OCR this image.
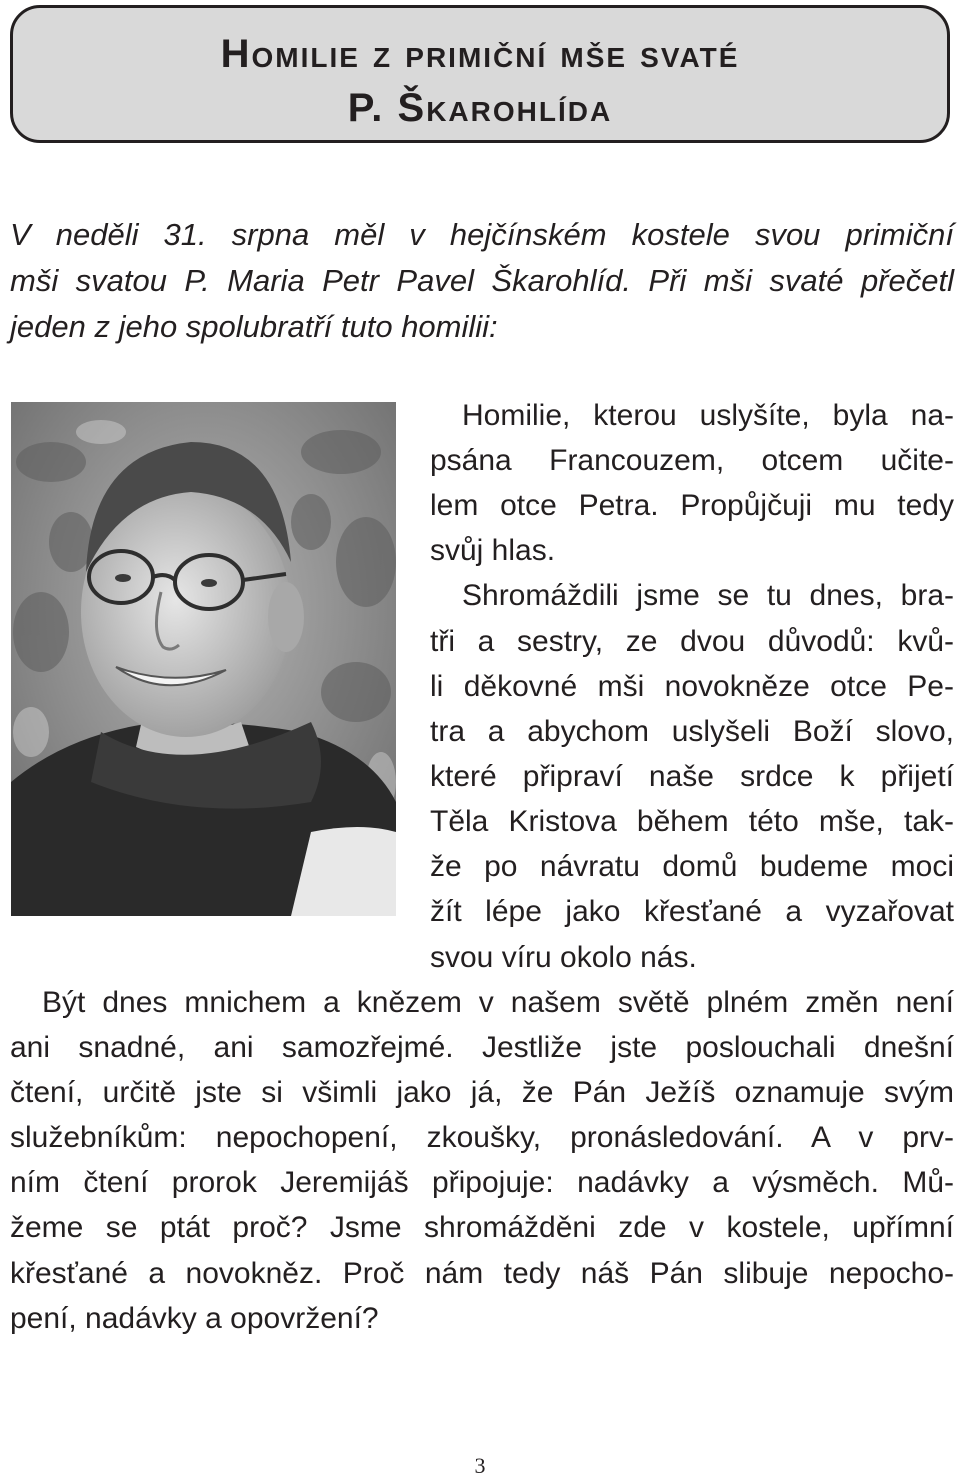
Homilie z primiční mše svaté
P. Škarohlída
V neděli 31. srpna měl v hejčínském kostele svou primiční
mši svatou P. Maria Petr Pavel Škarohlíd. Při mši svaté přečetl
jeden z jeho spolubratří tuto homilii:
Homilie, kterou uslyšíte, byla na-
psána Francouzem, otcem učite-
lem otce Petra. Propůjčuji mu tedy
svůj hlas.
Shromáždili jsme se tu dnes, bra-
tři a sestry, ze dvou důvodů: kvů-
li děkovné mši novokněze otce Pe-
tra a abychom uslyšeli Boží slovo,
které připraví naše srdce k přijetí
Těla Kristova během této mše, tak-
že po návratu domů budeme moci
žít lépe jako křesťané a vyzařovat
svou víru okolo nás.
Být dnes mnichem a knězem v našem světě plném změn není
ani snadné, ani samozřejmé. Jestliže jste poslouchali dnešní
čtení, určitě jste si všimli jako já, že Pán Ježíš oznamuje svým
služebníkům: nepochopení, zkoušky, pronásledování. A v prv-
ním čtení prorok Jeremijáš připojuje: nadávky a výsměch. Mů-
žeme se ptát proč? Jsme shromážděni zde v kostele, upřímní
křesťané a novokněz. Proč nám tedy náš Pán slibuje nepocho-
pení, nadávky a opovržení?
3
